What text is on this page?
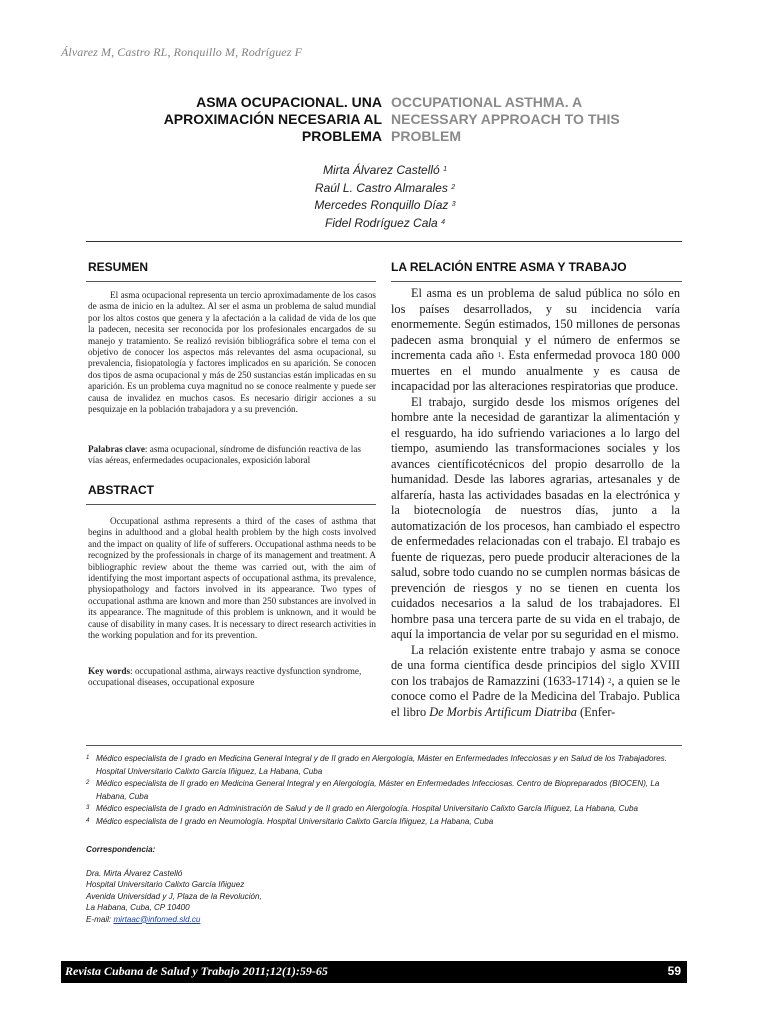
Álvarez M, Castro RL, Ronquillo M, Rodríguez F
ASMA OCUPACIONAL. UNA
APROXIMACIÓN NECESARIA AL
PROBLEMA
OCCUPATIONAL ASTHMA. A
NECESSARY APPROACH TO THIS
PROBLEM
Mirta Álvarez Castelló $^1$
Raúl L. Castro Almarales $^2$
Mercedes Ronquillo Díaz $^3$
Fidel Rodríguez Cala $^4$
RESUMEN
El asma ocupacional representa un tercio aproximadamente de los casos de asma de inicio en la adultez. Al ser el asma un problema de salud mundial por los altos costos que genera y la afectación a la calidad de vida de los que la padecen, necesita ser reconocida por los profesionales encargados de su manejo y tratamiento. Se realizó revisión bibliográfica sobre el tema con el objetivo de conocer los aspectos más relevantes del asma ocupacional, su prevalencia, fisiopatología y factores implicados en su aparición. Se conocen dos tipos de asma ocupacional y más de 250 sustancias están implicadas en su aparición. Es un problema cuya magnitud no se conoce realmente y puede ser causa de invalidez en muchos casos. Es necesario dirigir acciones a su pesquizaje en la población trabajadora y a su prevención.
Palabras clave: asma ocupacional, síndrome de disfunción reactiva de las vías aéreas, enfermedades ocupacionales, exposición laboral
ABSTRACT
Occupational asthma represents a third of the cases of asthma that begins in adulthood and a global health problem by the high costs involved and the impact on quality of life of sufferers. Occupational asthma needs to be recognized by the professionals in charge of its management and treatment. A bibliographic review about the theme was carried out, with the aim of identifying the most important aspects of occupational asthma, its prevalence, physiopathology and factors involved in its appearance. Two types of occupational asthma are known and more than 250 substances are involved in its appearance. The magnitude of this problem is unknown, and it would be cause of disability in many cases. It is necessary to direct research activities in the working population and for its prevention.
Key words: occupational asthma, airways reactive dysfunction syndrome, occupational diseases, occupational exposure
LA RELACIÓN ENTRE ASMA Y TRABAJO

El asma es un problema de salud pública no sólo en los países desarrollados, y su incidencia varía enormemente. Según estimados, 150 millones de personas padecen asma bronquial y el número de enfermos se incrementa cada año $^1$. Esta enfermedad provoca 180 000 muertes en el mundo anualmente y es causa de incapacidad por las alteraciones respiratorias que produce.

El trabajo, surgido desde los mismos orígenes del hombre ante la necesidad de garantizar la alimentación y el resguardo, ha ido sufriendo variaciones a lo largo del tiempo, asumiendo las transformaciones sociales y los avances científicotécnicos del propio desarrollo de la humanidad. Desde las labores agrarias, artesanales y de alfarería, hasta las actividades basadas en la electrónica y la biotecnología de nuestros días, junto a la automatización de los procesos, han cambiado el espectro de enfermedades relacionadas con el trabajo. El trabajo es fuente de riquezas, pero puede producir alteraciones de la salud, sobre todo cuando no se cumplen normas básicas de prevención de riesgos y no se tienen en cuenta los cuidados necesarios a la salud de los trabajadores. El hombre pasa una tercera parte de su vida en el trabajo, de aquí la importancia de velar por su seguridad en el mismo.

La relación existente entre trabajo y asma se conoce de una forma científica desde principios del siglo XVIII con los trabajos de Ramazzini (1633-1714) $^2$, a quien se le conoce como el Padre de la Medicina del Trabajo. Publica el libro De Morbis Artificum Diatriba (Enfer-

1 Médico especialista de I grado en Medicina General Integral y de II grado en Alergología, Máster en Enfermedades Infecciosas y en Salud de los Trabajadores. Hospital Universitario Calixto García Iñiguez, La Habana, Cuba
2 Médico especialista de II grado en Medicina General Integral y en Alergología, Máster en Enfermedades Infecciosas. Centro de Biopreparados (BIOCEN), La Habana, Cuba
3 Médico especialista de I grado en Administración de Salud y de II grado en Alergología. Hospital Universitario Calixto García Iñiguez, La Habana, Cuba
4 Médico especialista de I grado en Neumología. Hospital Universitario Calixto García Iñiguez, La Habana, Cuba
Correspondencia:
Dra. Mirta Álvarez Castelló
Hospital Universitario Calixto García Iñiguez
Avenida Universidad y J, Plaza de la Revolución,
La Habana, Cuba, CP 10400
E-mail: mirtaac@infomed.sld.cu
Revista Cubana de Salud y Trabajo 2011;12(1):59-65	59
